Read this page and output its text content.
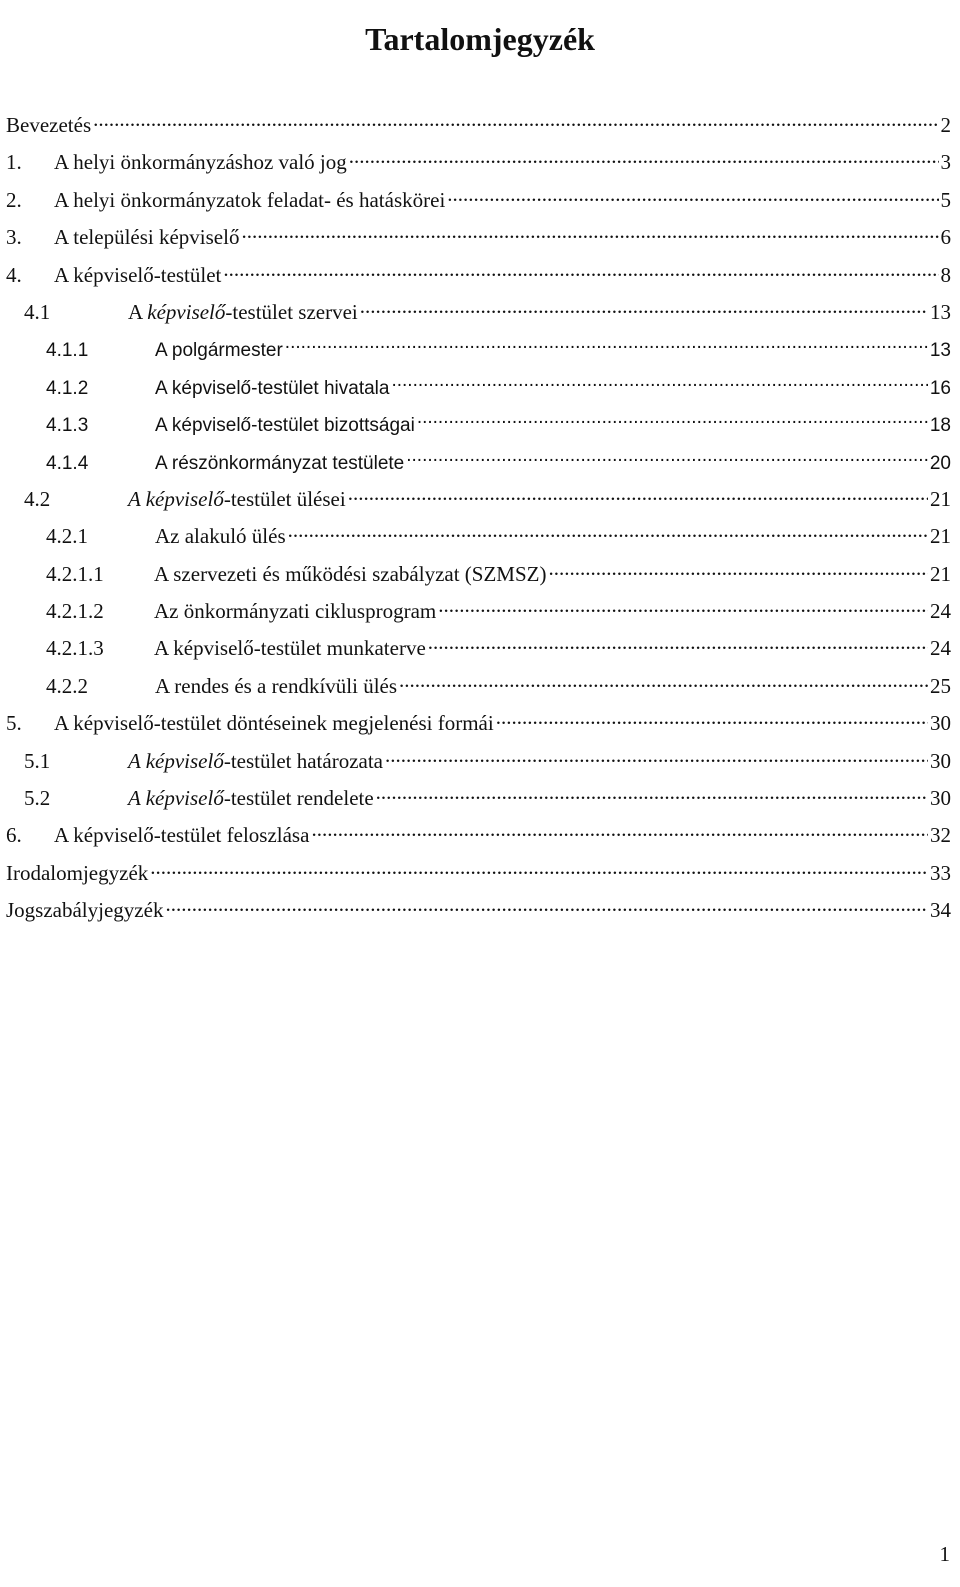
Tartalomjegyzék
Bevezetés .....	2
1.	A helyi önkormányzáshoz való jog .....	3
2.	A helyi önkormányzatok feladat- és hatáskörei .....	5
3.	A települési képviselő .....	6
4.	A képviselő-testület .....	8
4.1	A képviselő-testület szervei .....	13
4.1.1	A polgármester .....	13
4.1.2	A képviselő-testület hivatala .....	16
4.1.3	A képviselő-testület bizottságai .....	18
4.1.4	A részönkormányzat testülete .....	20
4.2	A képviselő-testület ülései .....	21
4.2.1	Az alakuló ülés .....	21
4.2.1.1	A szervezeti és működési szabályzat (SZMSZ) .....	21
4.2.1.2	Az önkormányzati ciklusprogram .....	24
4.2.1.3	A képviselő-testület munkaterve .....	24
4.2.2	A rendes és a rendkívüli ülés .....	25
5.	A képviselő-testület döntéseinek megjelenési formái .....	30
5.1	A képviselő-testület határozata .....	30
5.2	A képviselő-testület rendelete .....	30
6.	A képviselő-testület feloszlása .....	32
Irodalomjegyzék .....	33
Jogszabályjegyzék .....	34
1
